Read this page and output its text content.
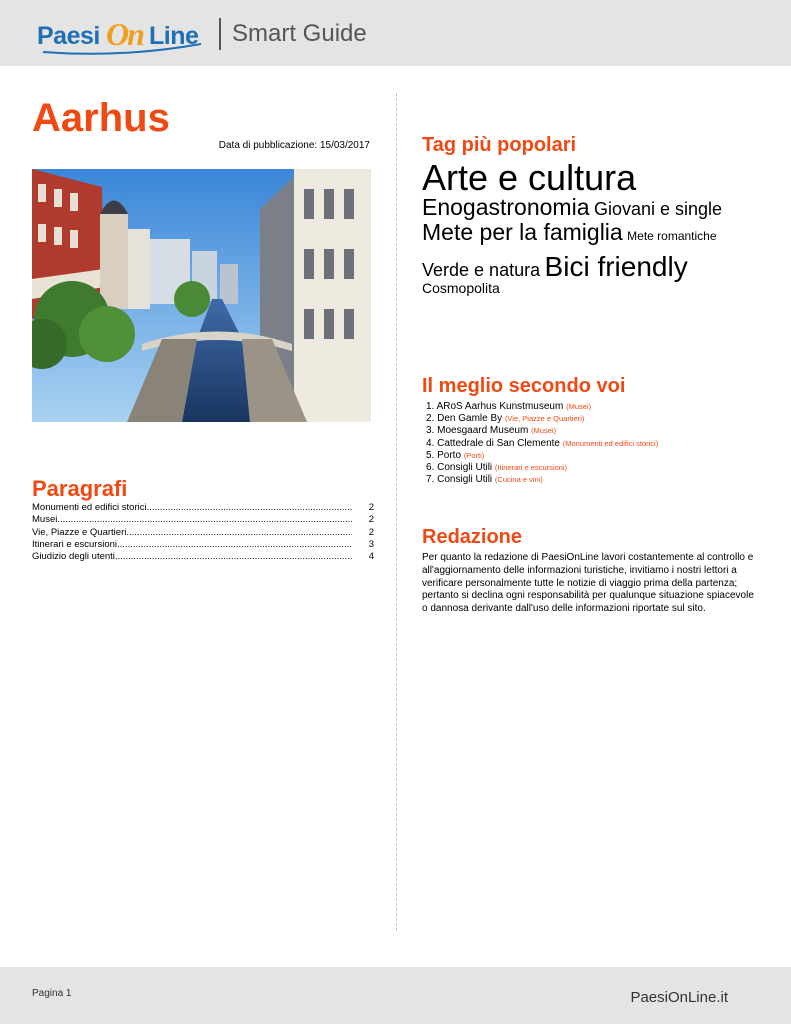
Paesi On Line Smart Guide
Aarhus
Data di pubblicazione: 15/03/2017
Paragrafi
Monumenti ed edifici storici .....	2
Musei .....	2
Vie, Piazze e Quartieri .....	2
Itinerari e escursioni .....	3
Giudizio degli utenti .....	4
Tag più popolari
Arte e cultura
Enogastronomia Giovani e single Mete per la famiglia Mete romantiche Verde e natura Bici friendly Cosmopolita
Il meglio secondo voi
1. ARoS Aarhus Kunstmuseum (Musei)
2. Den Gamle By (Vie, Piazze e Quartieri)
3. Moesgaard Museum (Musei)
4. Cattedrale di San Clemente (Monumenti ed edifici storici)
5. Porto (Porti)
6. Consigli Utili (Itinerari e escursioni)
7. Consigli Utili (Cucina e vini)
Redazione

Per quanto la redazione di PaesiOnLine lavori costantemente al controllo e all'aggiornamento delle informazioni turistiche, invitiamo i nostri lettori a verificare personalmente tutte le notizie di viaggio prima della partenza; pertanto si declina ogni responsabilità per qualunque situazione spiacevole o dannosa derivante dall'uso delle informazioni riportate sul sito.

Pagina 1	PaesiOnLine.it
